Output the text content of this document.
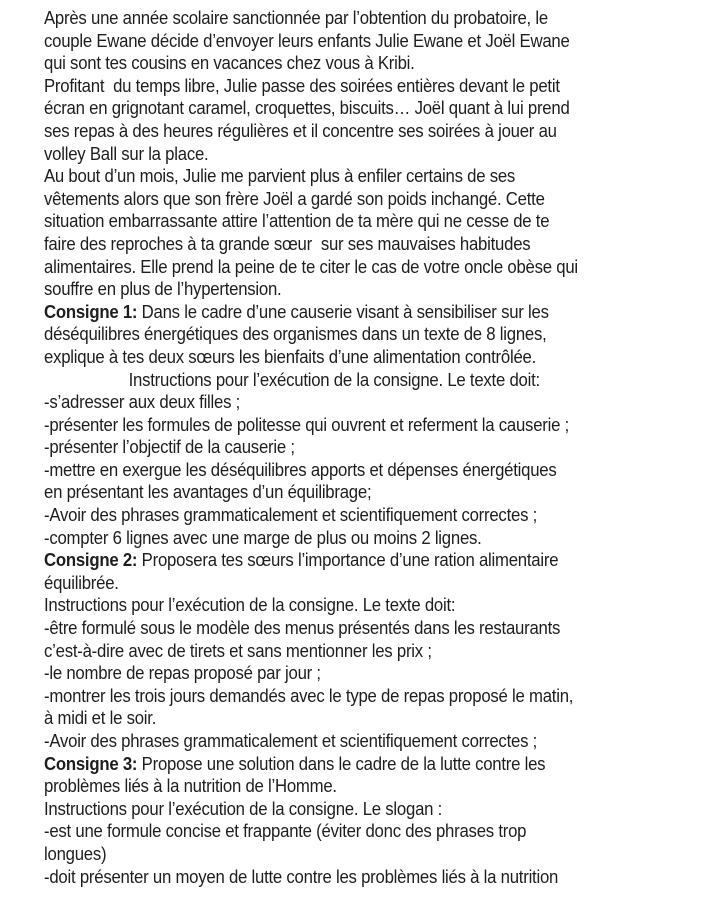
Après une année scolaire sanctionnée par l’obtention du probatoire, le
couple Ewane décide d’envoyer leurs enfants Julie Ewane et Joël Ewane
qui sont tes cousins en vacances chez vous à Kribi.
Profitant  du temps libre, Julie passe des soirées entières devant le petit
écran en grignotant caramel, croquettes, biscuits… Joël quant à lui prend
ses repas à des heures régulières et il concentre ses soirées à jouer au
volley Ball sur la place.
Au bout d’un mois, Julie me parvient plus à enfiler certains de ses
vêtements alors que son frère Joël a gardé son poids inchangé. Cette
situation embarrassante attire l’attention de ta mère qui ne cesse de te
faire des reproches à ta grande sœur  sur ses mauvaises habitudes
alimentaires. Elle prend la peine de te citer le cas de votre oncle obèse qui
souffre en plus de l’hypertension.
Consigne 1: Dans le cadre d’une causerie visant à sensibiliser sur les
déséquilibres énergétiques des organismes dans un texte de 8 lignes,
explique à tes deux sœurs les bienfaits d’une alimentation contrôlée.
Instructions pour l’exécution de la consigne. Le texte doit:
-s’adresser aux deux filles ;
-présenter les formules de politesse qui ouvrent et referment la causerie ;
-présenter l’objectif de la causerie ;
-mettre en exergue les déséquilibres apports et dépenses énergétiques
en présentant les avantages d’un équilibrage;
-Avoir des phrases grammaticalement et scientifiquement correctes ;
-compter 6 lignes avec une marge de plus ou moins 2 lignes.
Consigne 2: Proposera tes sœurs l’importance d’une ration alimentaire
équilibrée.
Instructions pour l’exécution de la consigne. Le texte doit:
-être formulé sous le modèle des menus présentés dans les restaurants
c’est-à-dire avec de tirets et sans mentionner les prix ;
-le nombre de repas proposé par jour ;
-montrer les trois jours demandés avec le type de repas proposé le matin,
à midi et le soir.
-Avoir des phrases grammaticalement et scientifiquement correctes ;
Consigne 3: Propose une solution dans le cadre de la lutte contre les
problèmes liés à la nutrition de l’Homme.
Instructions pour l’exécution de la consigne. Le slogan :
-est une formule concise et frappante (éviter donc des phrases trop
longues)
-doit présenter un moyen de lutte contre les problèmes liés à la nutrition
